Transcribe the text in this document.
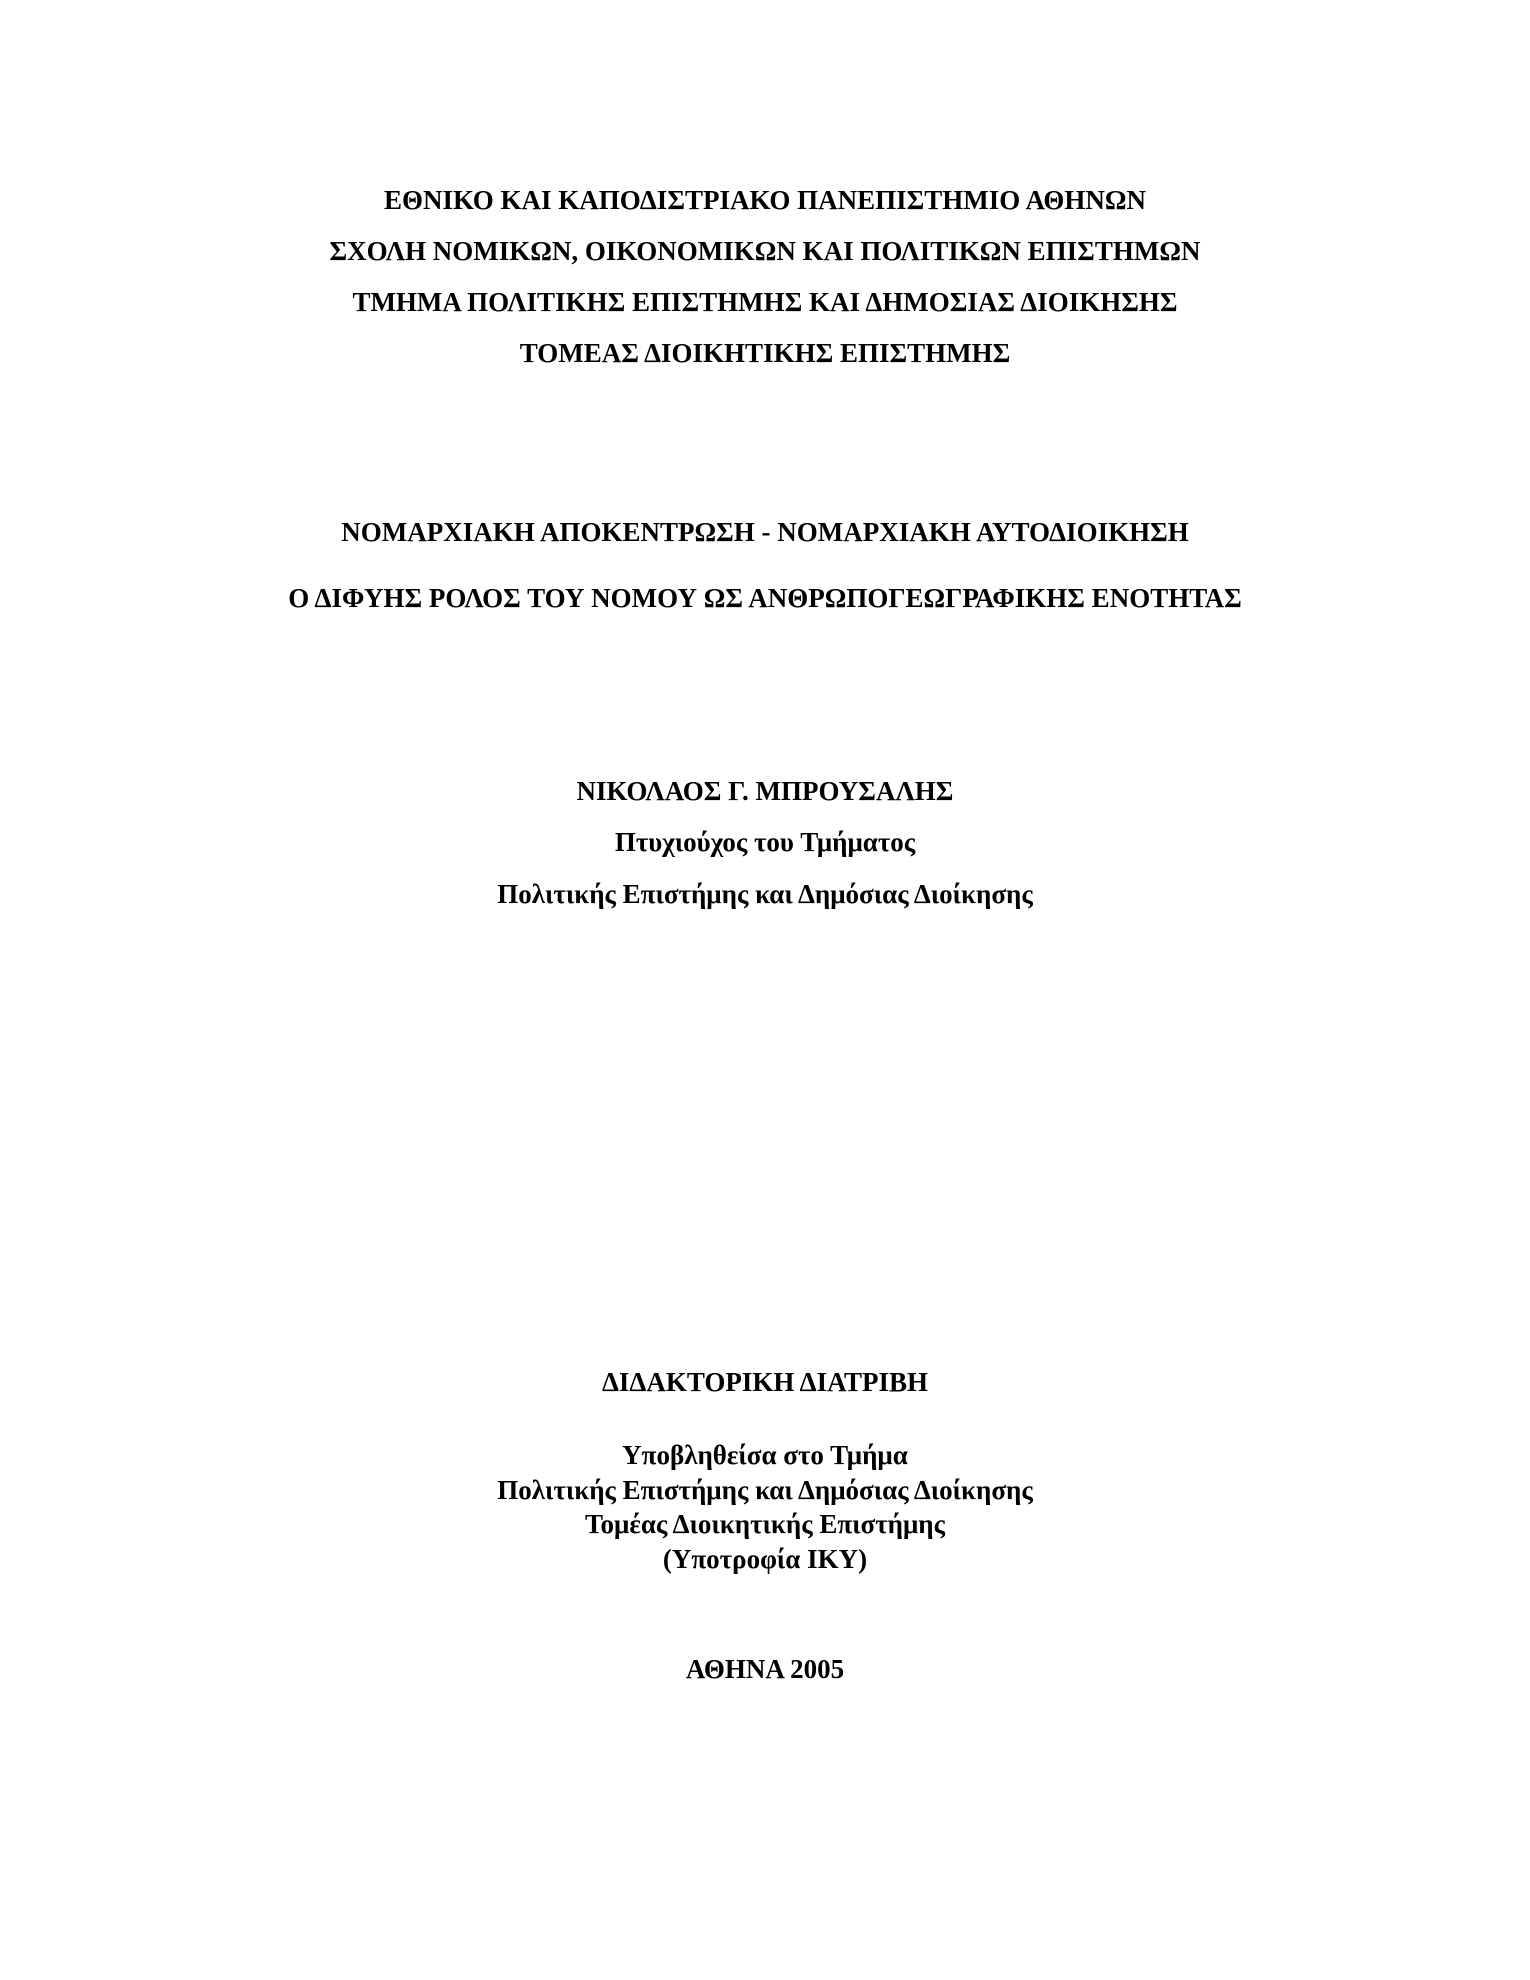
ΕΘΝΙΚΟ ΚΑΙ ΚΑΠΟΔΙΣΤΡΙΑΚΟ ΠΑΝΕΠΙΣΤΗΜΙΟ ΑΘΗΝΩΝ
ΣΧΟΛΗ ΝΟΜΙΚΩΝ, ΟΙΚΟΝΟΜΙΚΩΝ ΚΑΙ ΠΟΛΙΤΙΚΩΝ ΕΠΙΣΤΗΜΩΝ
ΤΜΗΜΑ ΠΟΛΙΤΙΚΗΣ ΕΠΙΣΤΗΜΗΣ ΚΑΙ ΔΗΜΟΣΙΑΣ ΔΙΟΙΚΗΣΗΣ
ΤΟΜΕΑΣ ΔΙΟΙΚΗΤΙΚΗΣ ΕΠΙΣΤΗΜΗΣ
ΝΟΜΑΡΧΙΑΚΗ ΑΠΟΚΕΝΤΡΩΣΗ - ΝΟΜΑΡΧΙΑΚΗ ΑΥΤΟΔΙΟΙΚΗΣΗ
Ο ΔΙΦΥΗΣ ΡΟΛΟΣ ΤΟΥ ΝΟΜΟΥ ΩΣ ΑΝΘΡΩΠΟΓΕΩΓΡΑΦΙΚΗΣ ΕΝΟΤΗΤΑΣ
ΝΙΚΟΛΑΟΣ Γ. ΜΠΡΟΥΣΑΛΗΣ
Πτυχιούχος του Τμήματος
Πολιτικής Επιστήμης και Δημόσιας Διοίκησης
ΔΙΔΑΚΤΟΡΙΚΗ ΔΙΑΤΡΙΒΗ
Υποβληθείσα στο Τμήμα
Πολιτικής Επιστήμης και Δημόσιας Διοίκησης
Τομέας Διοικητικής Επιστήμης
(Υποτροφία ΙΚΥ)
ΑΘΗΝΑ 2005
